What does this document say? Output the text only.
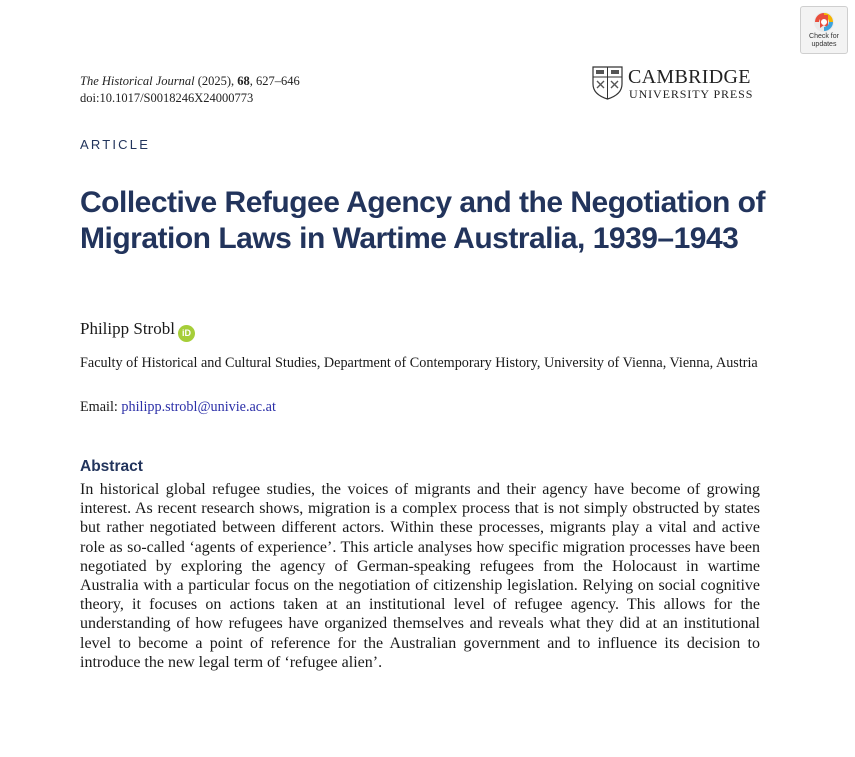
Check for
updates
The Historical Journal (2025), 68, 627–646
doi:10.1017/S0018246X24000773
CAMBRIDGE
UNIVERSITY PRESS
ARTICLE
Collective Refugee Agency and the Negotiation of Migration Laws in Wartime Australia, 1939–1943
Philipp Strobl iD
Faculty of Historical and Cultural Studies, Department of Contemporary History, University of Vienna, Vienna, Austria
Email: philipp.strobl@univie.ac.at
Abstract

In historical global refugee studies, the voices of migrants and their agency have become of growing interest. As recent research shows, migration is a complex process that is not simply obstructed by states but rather negotiated between different actors. Within these processes, migrants play a vital and active role as so-called ‘agents of experience’. This article analyses how specific migration processes have been negotiated by exploring the agency of German-speaking refugees from the Holocaust in wartime Australia with a particular focus on the negotiation of citizenship legislation. Relying on social cognitive theory, it focuses on actions taken at an institutional level of refugee agency. This allows for the understanding of how refugees have organized themselves and reveals what they did at an institutional level to become a point of reference for the Australian government and to influence its decision to introduce the new legal term of ‘refugee alien’.
